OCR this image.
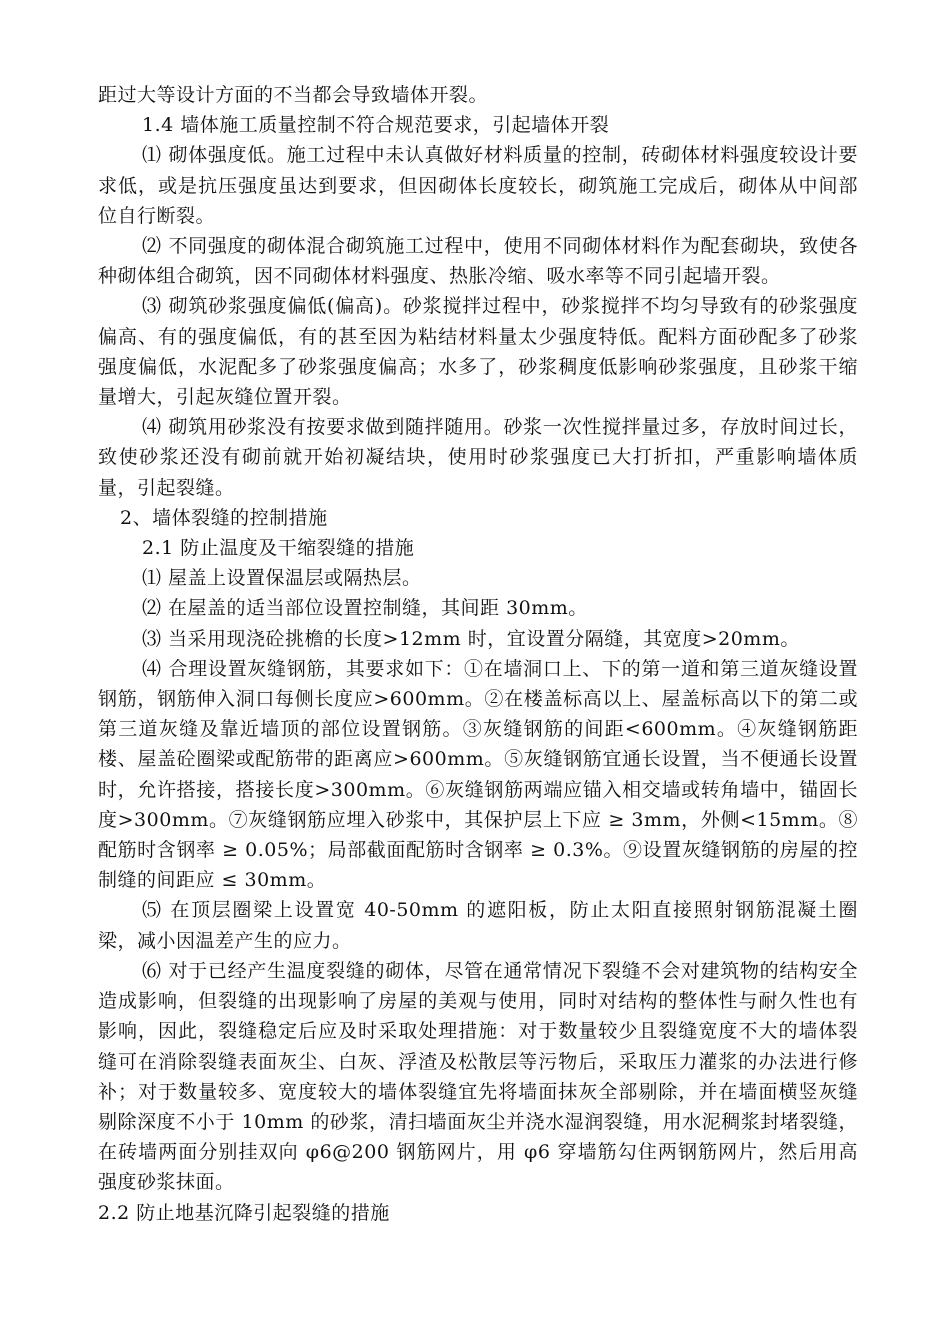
距过大等设计方面的不当都会导致墙体开裂。

1.4 墙体施工质量控制不符合规范要求，引起墙体开裂

⑴ 砌体强度低。施工过程中未认真做好材料质量的控制，砖砌体材料强度较设计要求低，或是抗压强度虽达到要求，但因砌体长度较长，砌筑施工完成后，砌体从中间部位自行断裂。

⑵ 不同强度的砌体混合砌筑施工过程中，使用不同砌体材料作为配套砌块，致使各种砌体组合砌筑，因不同砌体材料强度、热胀冷缩、吸水率等不同引起墙开裂。

⑶ 砌筑砂浆强度偏低(偏高)。砂浆搅拌过程中，砂浆搅拌不均匀导致有的砂浆强度偏高、有的强度偏低，有的甚至因为粘结材料量太少强度特低。配料方面砂配多了砂浆强度偏低，水泥配多了砂浆强度偏高；水多了，砂浆稠度低影响砂浆强度，且砂浆干缩量增大，引起灰缝位置开裂。

⑷ 砌筑用砂浆没有按要求做到随拌随用。砂浆一次性搅拌量过多，存放时间过长，致使砂浆还没有砌前就开始初凝结块，使用时砂浆强度已大打折扣，严重影响墙体质量，引起裂缝。

2、墙体裂缝的控制措施

2.1 防止温度及干缩裂缝的措施

⑴ 屋盖上设置保温层或隔热层。

⑵ 在屋盖的适当部位设置控制缝，其间距 30mm。

⑶ 当采用现浇砼挑檐的长度>12mm 时，宜设置分隔缝，其宽度>20mm。

⑷ 合理设置灰缝钢筋，其要求如下：①在墙洞口上、下的第一道和第三道灰缝设置钢筋，钢筋伸入洞口每侧长度应>600mm。②在楼盖标高以上、屋盖标高以下的第二或第三道灰缝及靠近墙顶的部位设置钢筋。③灰缝钢筋的间距<600mm。④灰缝钢筋距楼、屋盖砼圈梁或配筋带的距离应>600mm。⑤灰缝钢筋宜通长设置，当不便通长设置时，允许搭接，搭接长度>300mm。⑥灰缝钢筋两端应锚入相交墙或转角墙中，锚固长度>300mm。⑦灰缝钢筋应埋入砂浆中，其保护层上下应 ≥ 3mm，外侧<15mm。⑧配筋时含钢率 ≥ 0.05%；局部截面配筋时含钢率 ≥ 0.3%。⑨设置灰缝钢筋的房屋的控制缝的间距应 ≤ 30mm。

⑸ 在顶层圈梁上设置宽 40-50mm 的遮阳板，防止太阳直接照射钢筋混凝土圈梁，减小因温差产生的应力。

⑹ 对于已经产生温度裂缝的砌体，尽管在通常情况下裂缝不会对建筑物的结构安全造成影响，但裂缝的出现影响了房屋的美观与使用，同时对结构的整体性与耐久性也有影响，因此，裂缝稳定后应及时采取处理措施：对于数量较少且裂缝宽度不大的墙体裂缝可在消除裂缝表面灰尘、白灰、浮渣及松散层等污物后，采取压力灌浆的办法进行修补；对于数量较多、宽度较大的墙体裂缝宜先将墙面抹灰全部剔除，并在墙面横竖灰缝剔除深度不小于 10mm 的砂浆，清扫墙面灰尘并浇水湿润裂缝，用水泥稠浆封堵裂缝，在砖墙两面分别挂双向 φ6@200 钢筋网片，用 φ6 穿墙筋勾住两钢筋网片，然后用高强度砂浆抹面。

2.2 防止地基沉降引起裂缝的措施
